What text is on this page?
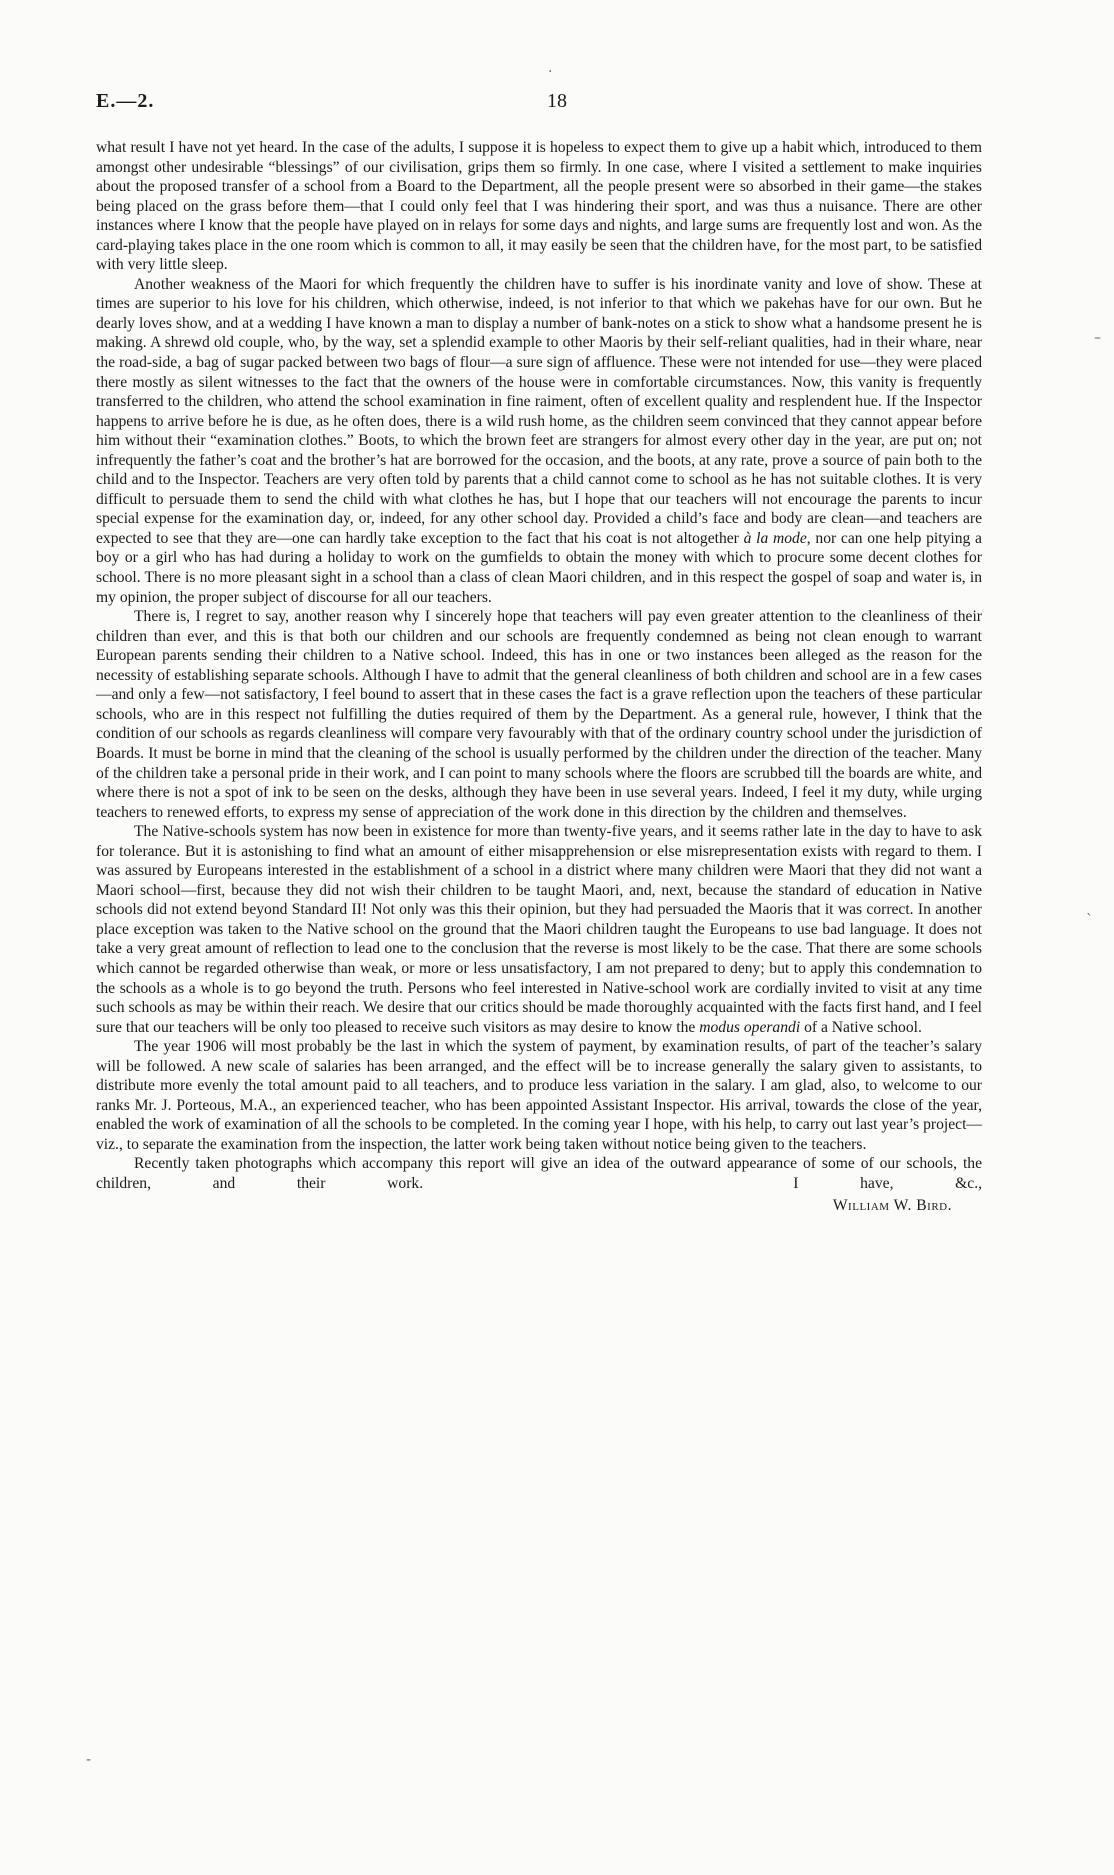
E.—2.	18

what result I have not yet heard. In the case of the adults, I suppose it is hopeless to expect them to give up a habit which, introduced to them amongst other undesirable “blessings” of our civilisation, grips them so firmly. In one case, where I visited a settlement to make inquiries about the proposed transfer of a school from a Board to the Department, all the people present were so absorbed in their game—the stakes being placed on the grass before them—that I could only feel that I was hindering their sport, and was thus a nuisance. There are other instances where I know that the people have played on in relays for some days and nights, and large sums are frequently lost and won. As the card-playing takes place in the one room which is common to all, it may easily be seen that the children have, for the most part, to be satisfied with very little sleep.

Another weakness of the Maori for which frequently the children have to suffer is his inordinate vanity and love of show. These at times are superior to his love for his children, which otherwise, indeed, is not inferior to that which we pakehas have for our own. But he dearly loves show, and at a wedding I have known a man to display a number of bank-notes on a stick to show what a handsome present he is making. A shrewd old couple, who, by the way, set a splendid example to other Maoris by their self-reliant qualities, had in their whare, near the road-side, a bag of sugar packed between two bags of flour—a sure sign of affluence. These were not intended for use—they were placed there mostly as silent witnesses to the fact that the owners of the house were in comfortable circumstances. Now, this vanity is frequently transferred to the children, who attend the school examination in fine raiment, often of excellent quality and resplendent hue. If the Inspector happens to arrive before he is due, as he often does, there is a wild rush home, as the children seem convinced that they cannot appear before him without their “examination clothes.” Boots, to which the brown feet are strangers for almost every other day in the year, are put on; not infrequently the father’s coat and the brother’s hat are borrowed for the occasion, and the boots, at any rate, prove a source of pain both to the child and to the Inspector. Teachers are very often told by parents that a child cannot come to school as he has not suitable clothes. It is very difficult to persuade them to send the child with what clothes he has, but I hope that our teachers will not encourage the parents to incur special expense for the examination day, or, indeed, for any other school day. Provided a child’s face and body are clean—and teachers are expected to see that they are—one can hardly take exception to the fact that his coat is not altogether à la mode, nor can one help pitying a boy or a girl who has had during a holiday to work on the gumfields to obtain the money with which to procure some decent clothes for school. There is no more pleasant sight in a school than a class of clean Maori children, and in this respect the gospel of soap and water is, in my opinion, the proper subject of discourse for all our teachers.

There is, I regret to say, another reason why I sincerely hope that teachers will pay even greater attention to the cleanliness of their children than ever, and this is that both our children and our schools are frequently condemned as being not clean enough to warrant European parents sending their children to a Native school. Indeed, this has in one or two instances been alleged as the reason for the necessity of establishing separate schools. Although I have to admit that the general cleanliness of both children and school are in a few cases—and only a few—not satisfactory, I feel bound to assert that in these cases the fact is a grave reflection upon the teachers of these particular schools, who are in this respect not fulfilling the duties required of them by the Department. As a general rule, however, I think that the condition of our schools as regards cleanliness will compare very favourably with that of the ordinary country school under the jurisdiction of Boards. It must be borne in mind that the cleaning of the school is usually performed by the children under the direction of the teacher. Many of the children take a personal pride in their work, and I can point to many schools where the floors are scrubbed till the boards are white, and where there is not a spot of ink to be seen on the desks, although they have been in use several years. Indeed, I feel it my duty, while urging teachers to renewed efforts, to express my sense of appreciation of the work done in this direction by the children and themselves.

The Native-schools system has now been in existence for more than twenty-five years, and it seems rather late in the day to have to ask for tolerance. But it is astonishing to find what an amount of either misapprehension or else misrepresentation exists with regard to them. I was assured by Europeans interested in the establishment of a school in a district where many children were Maori that they did not want a Maori school—first, because they did not wish their children to be taught Maori, and, next, because the standard of education in Native schools did not extend beyond Standard II! Not only was this their opinion, but they had persuaded the Maoris that it was correct. In another place exception was taken to the Native school on the ground that the Maori children taught the Europeans to use bad language. It does not take a very great amount of reflection to lead one to the conclusion that the reverse is most likely to be the case. That there are some schools which cannot be regarded otherwise than weak, or more or less unsatisfactory, I am not prepared to deny; but to apply this condemnation to the schools as a whole is to go beyond the truth. Persons who feel interested in Native-school work are cordially invited to visit at any time such schools as may be within their reach. We desire that our critics should be made thoroughly acquainted with the facts first hand, and I feel sure that our teachers will be only too pleased to receive such visitors as may desire to know the modus operandi of a Native school.

The year 1906 will most probably be the last in which the system of payment, by examination results, of part of the teacher’s salary will be followed. A new scale of salaries has been arranged, and the effect will be to increase generally the salary given to assistants, to distribute more evenly the total amount paid to all teachers, and to produce less variation in the salary. I am glad, also, to welcome to our ranks Mr. J. Porteous, M.A., an experienced teacher, who has been appointed Assistant Inspector. His arrival, towards the close of the year, enabled the work of examination of all the schools to be completed. In the coming year I hope, with his help, to carry out last year’s project—viz., to separate the examination from the inspection, the latter work being taken without notice being given to the teachers.

Recently taken photographs which accompany this report will give an idea of the outward appearance of some of our schools, the children, and their work.	I have, &c.,

William W. Bird.
–
ˎ
-
·
